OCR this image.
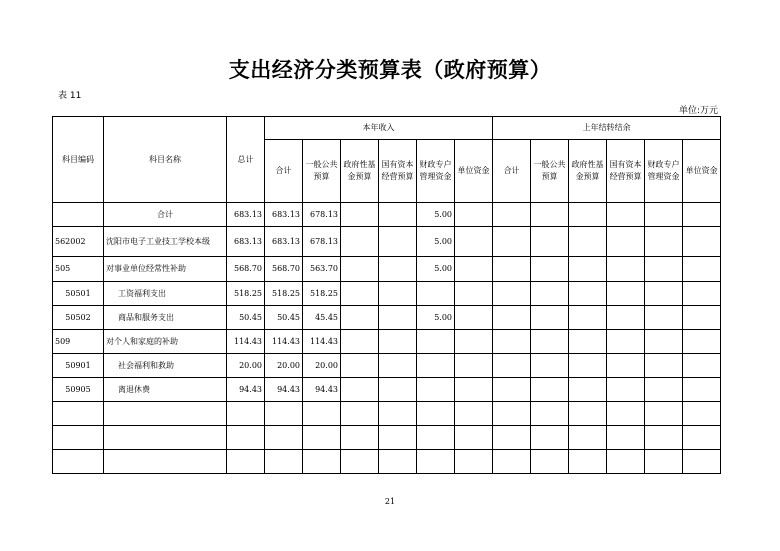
支出经济分类预算表（政府预算）
表 11
单位:万元
科目编码	科目名称	总计	本年收入						上年结转结余					
			合计	一般公共预算	政府性基金预算	国有资本经营预算	财政专户管理资金	单位资金	合计	一般公共预算	政府性基金预算	国有资本经营预算	财政专户管理资金	单位资金
	合计	683.13	683.13	678.13			5.00							
562002	沈阳市电子工业技工学校本级	683.13	683.13	678.13			5.00							
505	对事业单位经常性补助	568.70	568.70	563.70			5.00							
50501	工资福利支出	518.25	518.25	518.25										
50502	商品和服务支出	50.45	50.45	45.45			5.00							
509	对个人和家庭的补助	114.43	114.43	114.43										
50901	社会福利和救助	20.00	20.00	20.00										
50905	离退休费	94.43	94.43	94.43										

21
